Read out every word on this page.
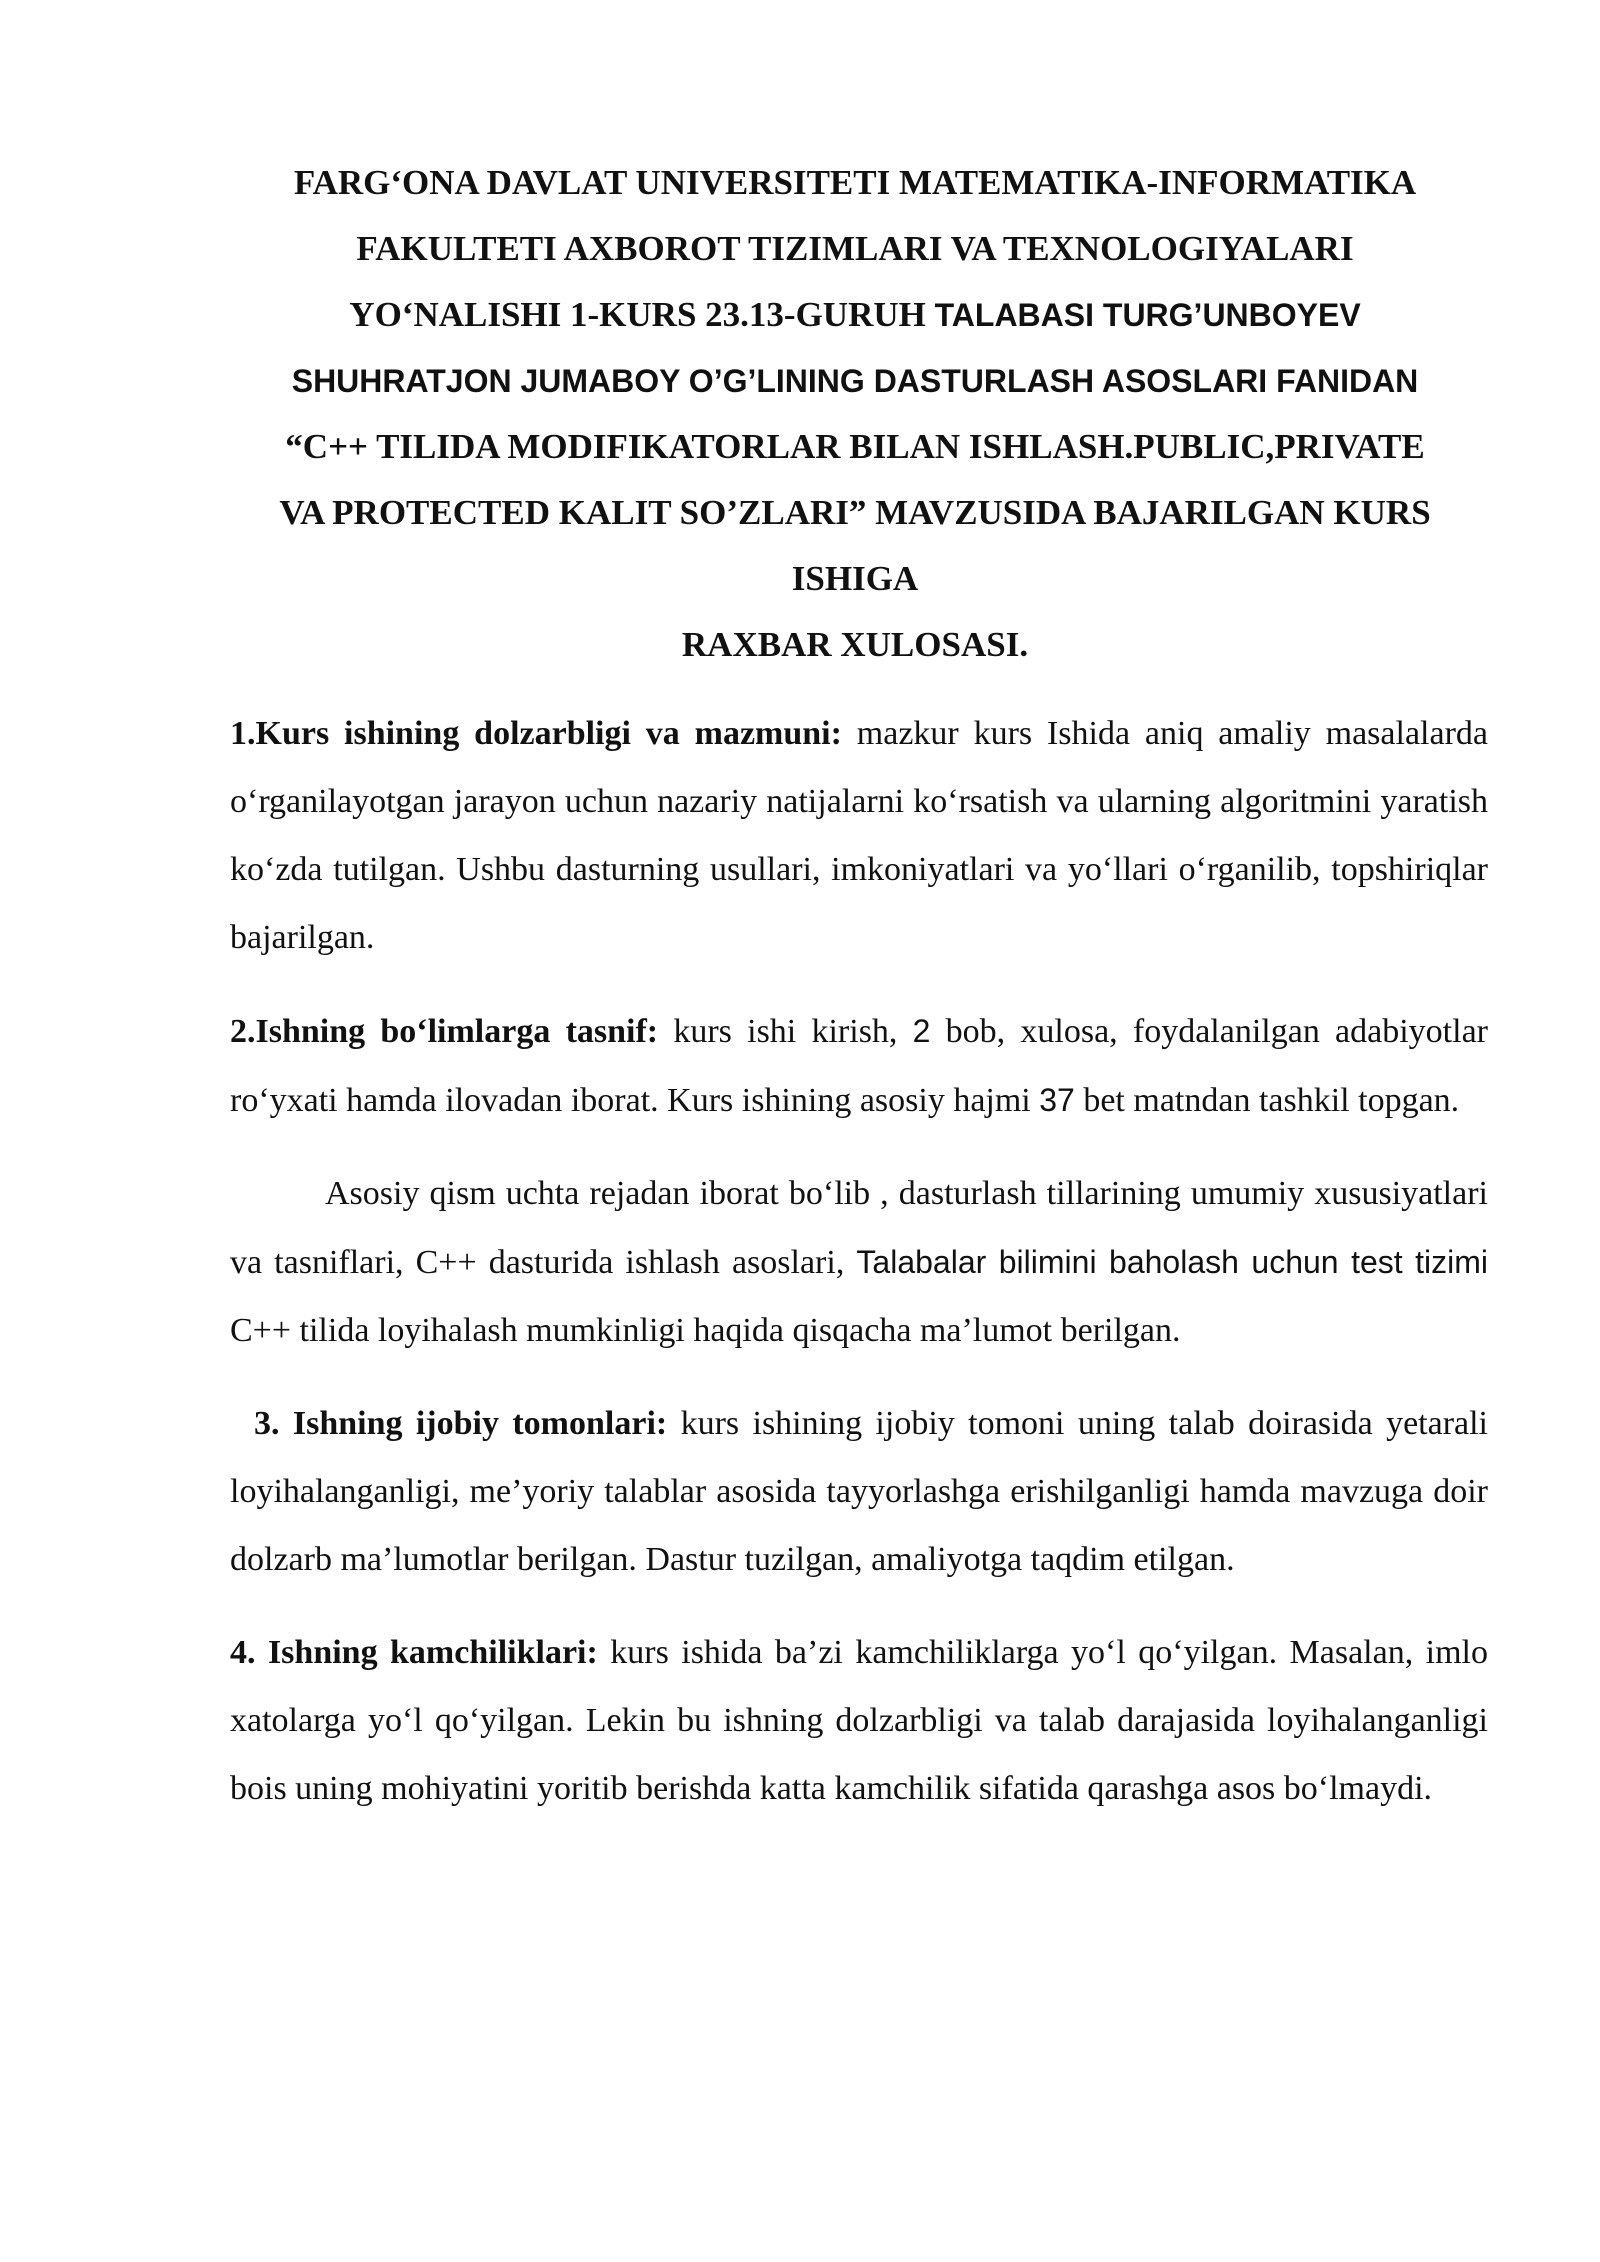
FARG‘ONA DAVLAT UNIVERSITETI MATEMATIKA-INFORMATIKA
FAKULTETI AXBOROT TIZIMLARI VA TEXNOLOGIYALARI
YO‘NALISHI 1-KURS 23.13-GURUH TALABASI TURG’UNBOYEV
SHUHRATJON JUMABOY O’G’LINING DASTURLASH ASOSLARI FANIDAN
“C++ TILIDA MODIFIKATORLAR BILAN ISHLASH.PUBLIC,PRIVATE
VA PROTECTED KALIT SO’ZLARI” MAVZUSIDA BAJARILGAN KURS
ISHIGA
RAXBAR XULOSASI.

1.Kurs ishining dolzarbligi va mazmuni: mazkur kurs Ishida aniq amaliy masalalarda o‘rganilayotgan jarayon uchun nazariy natijalarni ko‘rsatish va ularning algoritmini yaratish ko‘zda tutilgan. Ushbu dasturning usullari, imkoniyatlari va yo‘llari o‘rganilib, topshiriqlar bajarilgan.

2.Ishning bo‘limlarga tasnif: kurs ishi kirish, 2 bob, xulosa, foydalanilgan adabiyotlar ro‘yxati hamda ilovadan iborat. Kurs ishining asosiy hajmi 37 bet matndan tashkil topgan.

Asosiy qism uchta rejadan iborat bo‘lib , dasturlash tillarining umumiy xususiyatlari va tasniflari, C++ dasturida ishlash asoslari, Talabalar bilimini baholash uchun test tizimi C++ tilida loyihalash mumkinligi haqida qisqacha ma’lumot berilgan.

3. Ishning ijobiy tomonlari: kurs ishining ijobiy tomoni uning talab doirasida yetarali loyihalanganligi, me’yoriy talablar asosida tayyorlashga erishilganligi hamda mavzuga doir dolzarb ma’lumotlar berilgan. Dastur tuzilgan, amaliyotga taqdim etilgan.

4. Ishning kamchiliklari: kurs ishida ba’zi kamchiliklarga yo‘l qo‘yilgan. Masalan, imlo xatolarga yo‘l qo‘yilgan. Lekin bu ishning dolzarbligi va talab darajasida loyihalanganligi bois uning mohiyatini yoritib berishda katta kamchilik sifatida qarashga asos bo‘lmaydi.
